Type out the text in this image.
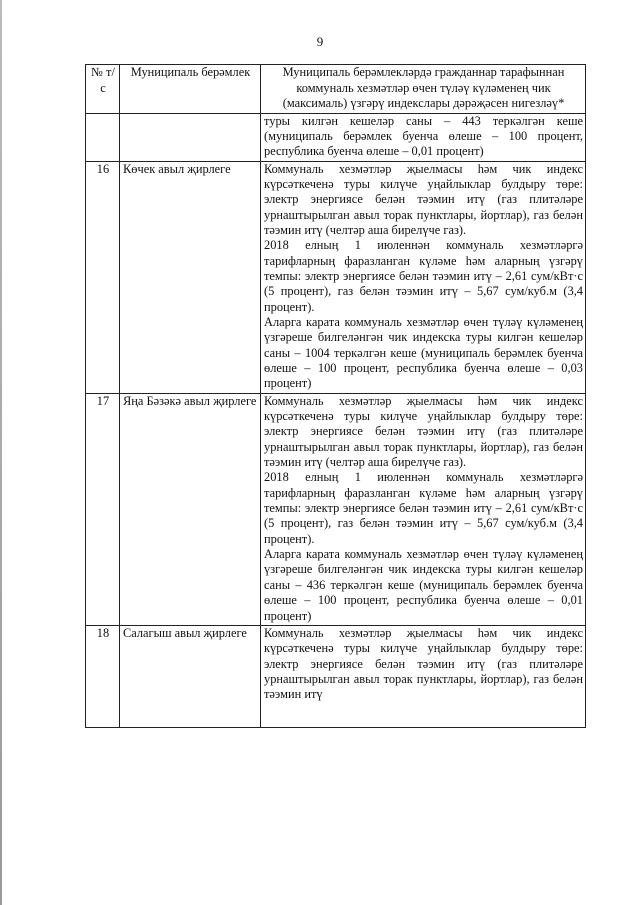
9
№ т/с	Муниципаль берәмлек	Муниципаль берәмлекләрдә гражданнар тарафыннан коммуналь хезмәтләр өчен түләү күләменең чик (максималь) үзгәрү индекслары дәрәҗәсен нигезләү*

		туры килгән кешеләр саны – 443 теркәлгән кеше (муниципаль берәмлек буенча өлеше – 100 процент, республика буенча өлеше – 0,01 процент)

16	Көчек авыл җирлеге	Коммуналь хезмәтләр җыелмасы һәм чик индекс күрсәткеченә туры килүче уңайлыклар булдыру төре: электр энергиясе белән тәэмин итү (газ плитәләре урнаштырылган авыл торак пунктлары, йортлар), газ белән тәэмин итү (челтәр аша бирелүче газ).

2018 елның 1 июленнән коммуналь хезмәтләргә тарифларның фаразланган күләме һәм аларның үзгәрү темпы: электр энергиясе белән тәэмин итү – 2,61 сум/кВт·с (5 процент), газ белән тәэмин итү – 5,67 сум/куб.м (3,4 процент).

Аларга карата коммуналь хезмәтләр өчен түләү күләменең үзгәреше билгеләнгән чик индекска туры килгән кешеләр саны – 1004 теркәлгән кеше (муниципаль берәмлек буенча өлеше – 100 процент, республика буенча өлеше – 0,03 процент)

17	Яңа Бәзәкә авыл җирлеге	Коммуналь хезмәтләр җыелмасы һәм чик индекс күрсәткеченә туры килүче уңайлыклар булдыру төре: электр энергиясе белән тәэмин итү (газ плитәләре урнаштырылган авыл торак пунктлары, йортлар), газ белән тәэмин итү (челтәр аша бирелүче газ).

2018 елның 1 июленнән коммуналь хезмәтләргә тарифларның фаразланган күләме һәм аларның үзгәрү темпы: электр энергиясе белән тәэмин итү – 2,61 сум/кВт·с (5 процент), газ белән тәэмин итү – 5,67 сум/куб.м (3,4 процент).

Аларга карата коммуналь хезмәтләр өчен түләү күләменең үзгәреше билгеләнгән чик индекска туры килгән кешеләр саны – 436 теркәлгән кеше (муниципаль берәмлек буенча өлеше – 100 процент, республика буенча өлеше – 0,01 процент)

18	Салагыш авыл җирлеге	Коммуналь хезмәтләр җыелмасы һәм чик индекс күрсәткеченә туры килүче уңайлыклар булдыру төре: электр энергиясе белән тәэмин итү (газ плитәләре урнаштырылган авыл торак пунктлары, йортлар), газ белән тәэмин итү
